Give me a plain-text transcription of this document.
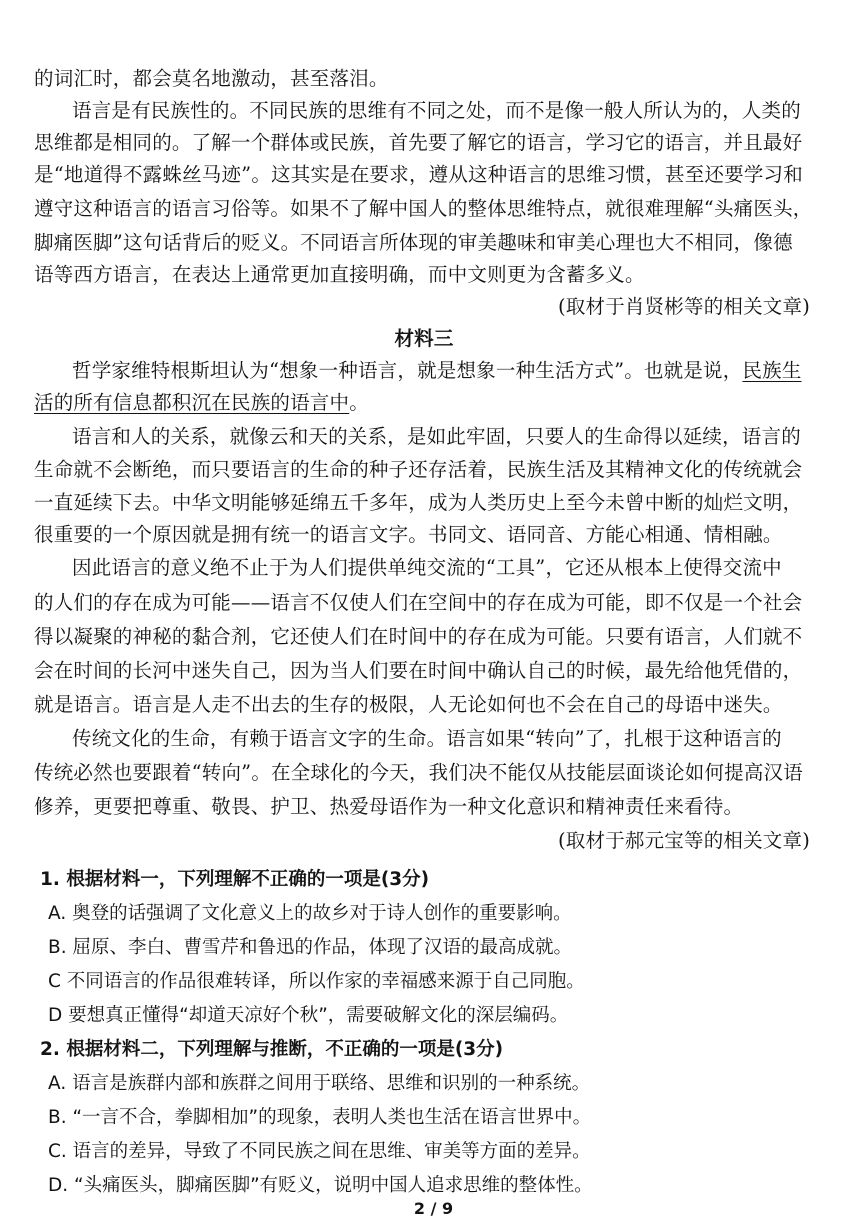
的词汇时，都会莫名地激动，甚至落泪。
语言是有民族性的。不同民族的思维有不同之处，而不是像一般人所认为的，人类的
思维都是相同的。了解一个群体或民族，首先要了解它的语言，学习它的语言，并且最好
是“地道得不露蛛丝马迹”。这其实是在要求，遵从这种语言的思维习惯，甚至还要学习和
遵守这种语言的语言习俗等。如果不了解中国人的整体思维特点，就很难理解“头痛医头，
脚痛医脚”这句话背后的贬义。不同语言所体现的审美趣味和审美心理也大不相同，像德
语等西方语言，在表达上通常更加直接明确，而中文则更为含蓄多义。
(取材于肖贤彬等的相关文章)
材料三
哲学家维特根斯坦认为“想象一种语言，就是想象一种生活方式”。也就是说，民族生
活的所有信息都积沉在民族的语言中。
语言和人的关系，就像云和天的关系，是如此牢固，只要人的生命得以延续，语言的
生命就不会断绝，而只要语言的生命的种子还存活着，民族生活及其精神文化的传统就会
一直延续下去。中华文明能够延绵五千多年，成为人类历史上至今未曾中断的灿烂文明，
很重要的一个原因就是拥有统一的语言文字。书同文、语同音、方能心相通、情相融。
因此语言的意义绝不止于为人们提供单纯交流的“工具”，它还从根本上使得交流中
的人们的存在成为可能——语言不仅使人们在空间中的存在成为可能，即不仅是一个社会
得以凝聚的神秘的黏合剂，它还使人们在时间中的存在成为可能。只要有语言，人们就不
会在时间的长河中迷失自己，因为当人们要在时间中确认自己的时候，最先给他凭借的，
就是语言。语言是人走不出去的生存的极限，人无论如何也不会在自己的母语中迷失。
传统文化的生命，有赖于语言文字的生命。语言如果“转向”了，扎根于这种语言的
传统必然也要跟着“转向”。在全球化的今天，我们决不能仅从技能层面谈论如何提高汉语
修养，更要把尊重、敬畏、护卫、热爱母语作为一种文化意识和精神责任来看待。
(取材于郝元宝等的相关文章)
1. 根据材料一，下列理解不正确的一项是(3分)
A. 奥登的话强调了文化意义上的故乡对于诗人创作的重要影响。
B. 屈原、李白、曹雪芹和鲁迅的作品，体现了汉语的最高成就。
C 不同语言的作品很难转译，所以作家的幸福感来源于自己同胞。
D 要想真正懂得“却道天凉好个秋”，需要破解文化的深层编码。
2. 根据材料二，下列理解与推断，不正确的一项是(3分)
A. 语言是族群内部和族群之间用于联络、思维和识别的一种系统。
B. “一言不合，拳脚相加”的现象，表明人类也生活在语言世界中。
C. 语言的差异，导致了不同民族之间在思维、审美等方面的差异。
D. “头痛医头，脚痛医脚”有贬义，说明中国人追求思维的整体性。
2 / 9
